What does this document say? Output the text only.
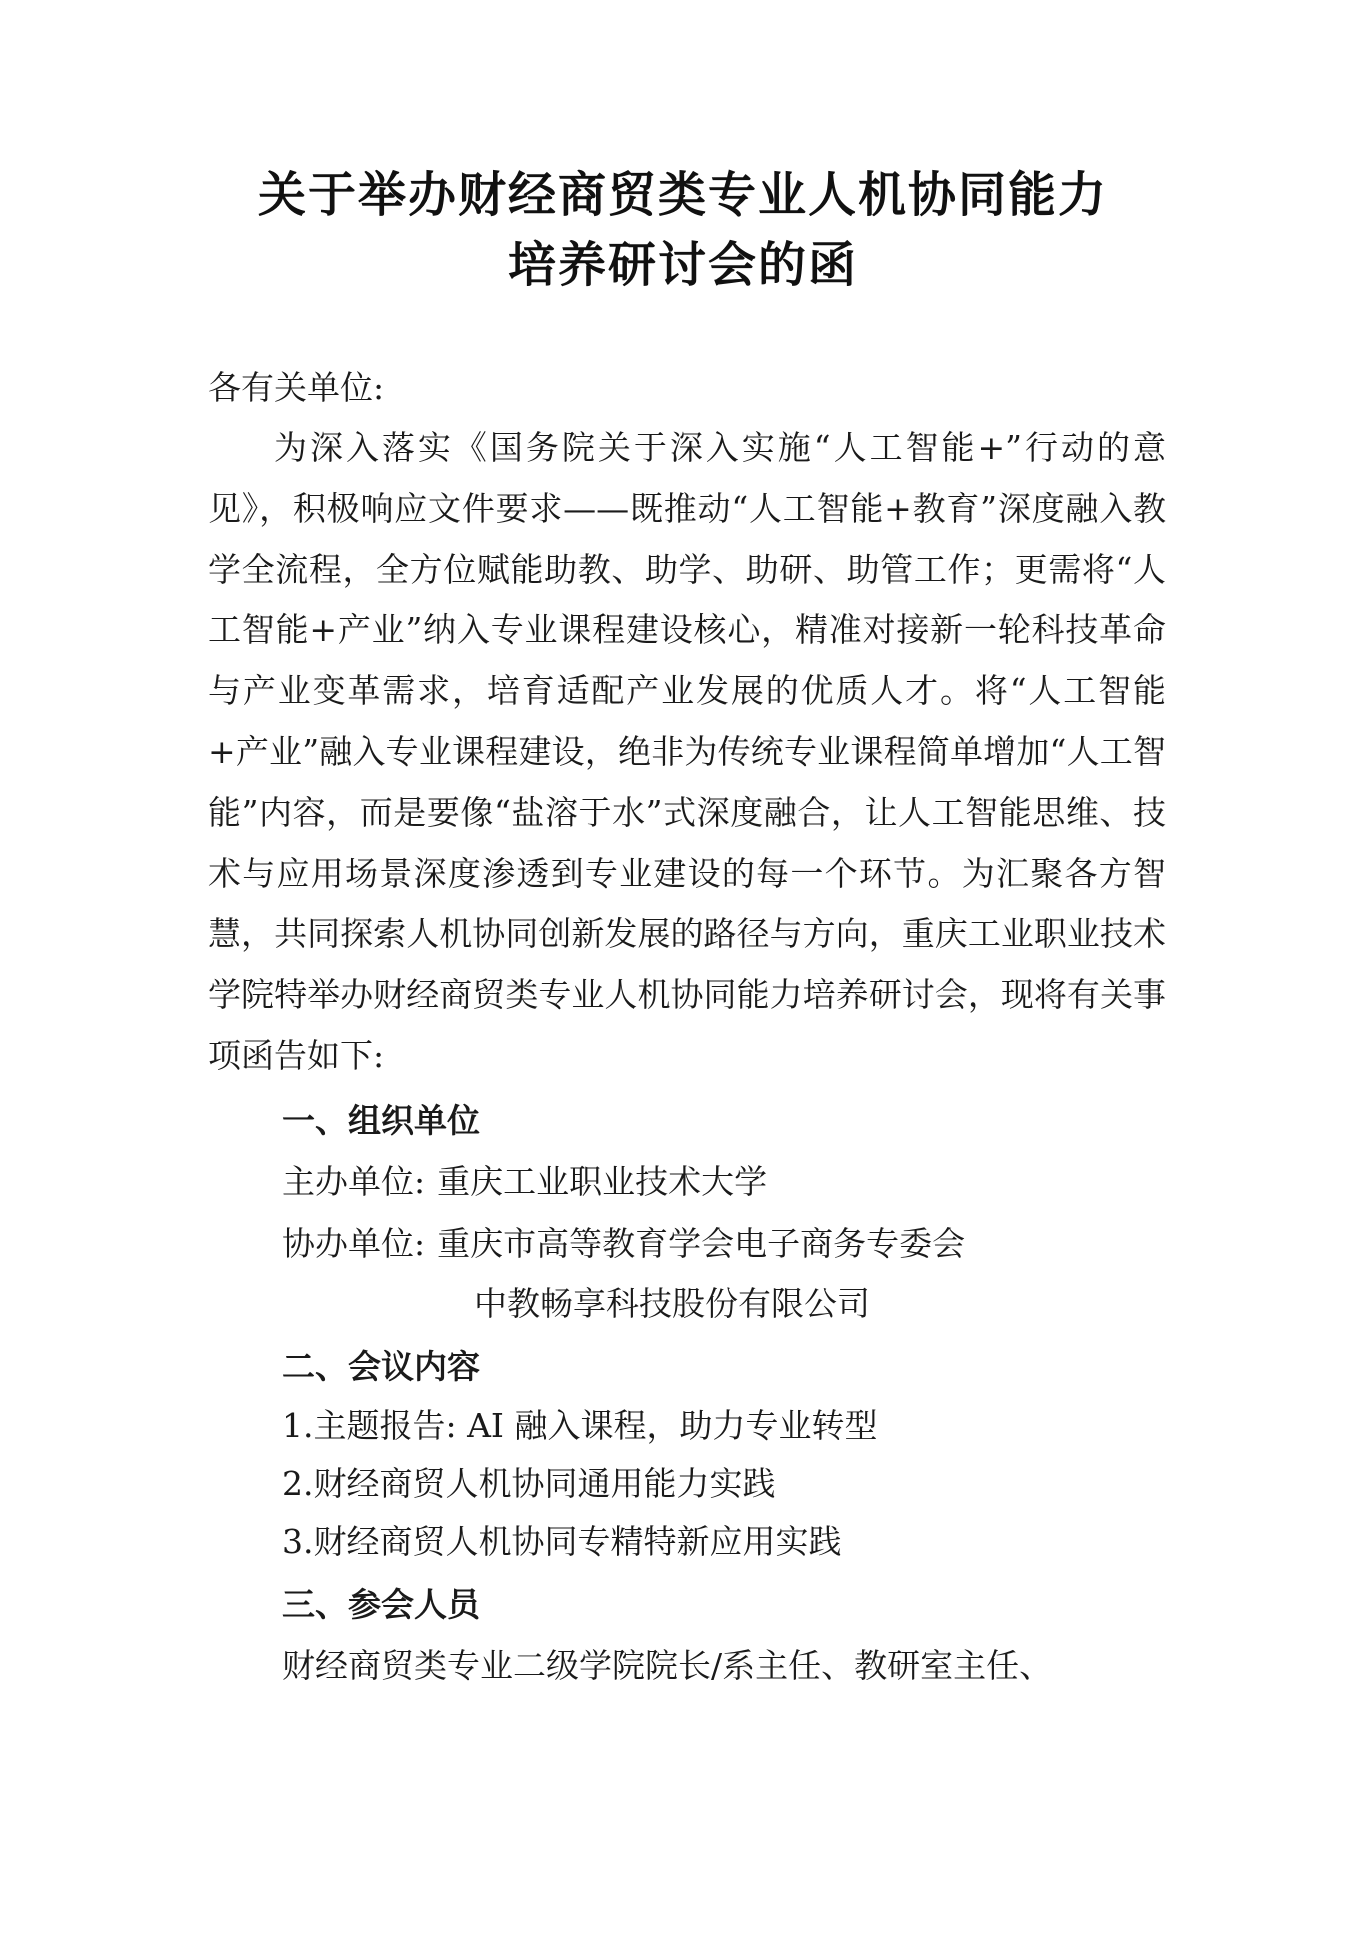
关于举办财经商贸类专业人机协同能力
培养研讨会的函
各有关单位:

为深入落实《国务院关于深入实施“人工智能+”行动的意见》，积极响应文件要求——既推动“人工智能+教育”深度融入教学全流程，全方位赋能助教、助学、助研、助管工作；更需将“人工智能+产业”纳入专业课程建设核心，精准对接新一轮科技革命与产业变革需求，培育适配产业发展的优质人才。将“人工智能+产业”融入专业课程建设，绝非为传统专业课程简单增加“人工智能”内容，而是要像“盐溶于水”式深度融合，让人工智能思维、技术与应用场景深度渗透到专业建设的每一个环节。为汇聚各方智慧，共同探索人机协同创新发展的路径与方向，重庆工业职业技术学院特举办财经商贸类专业人机协同能力培养研讨会，现将有关事项函告如下:

一、组织单位
主办单位: 重庆工业职业技术大学
协办单位: 重庆市高等教育学会电子商务专委会
中教畅享科技股份有限公司
二、会议内容
1.主题报告: AI 融入课程，助力专业转型
2.财经商贸人机协同通用能力实践
3.财经商贸人机协同专精特新应用实践
三、参会人员
财经商贸类专业二级学院院长/系主任、教研室主任、
